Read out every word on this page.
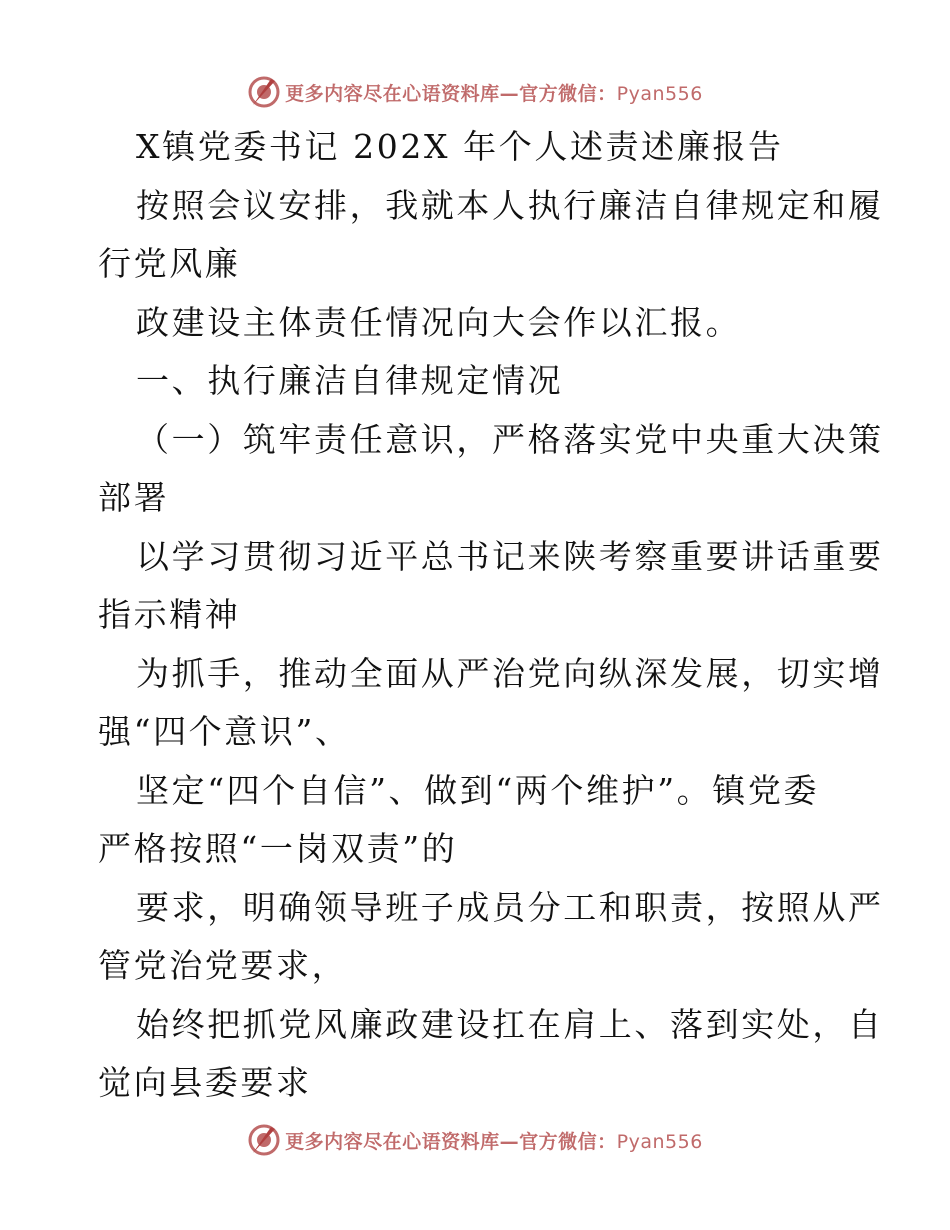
更多内容尽在心语资料库—官方微信：Pyan556
X镇党委书记 202X 年个人述责述廉报告
按照会议安排，我就本人执行廉洁自律规定和履
行党风廉
政建设主体责任情况向大会作以汇报。
一、执行廉洁自律规定情况
（一）筑牢责任意识，严格落实党中央重大决策
部署
以学习贯彻习近平总书记来陕考察重要讲话重要
指示精神
为抓手，推动全面从严治党向纵深发展，切实增
强“四个意识”、
坚定“四个自信”、做到“两个维护”。镇党委
严格按照“一岗双责”的
要求，明确领导班子成员分工和职责，按照从严
管党治党要求，
始终把抓党风廉政建设扛在肩上、落到实处，自
觉向县委要求
更多内容尽在心语资料库—官方微信：Pyan556
